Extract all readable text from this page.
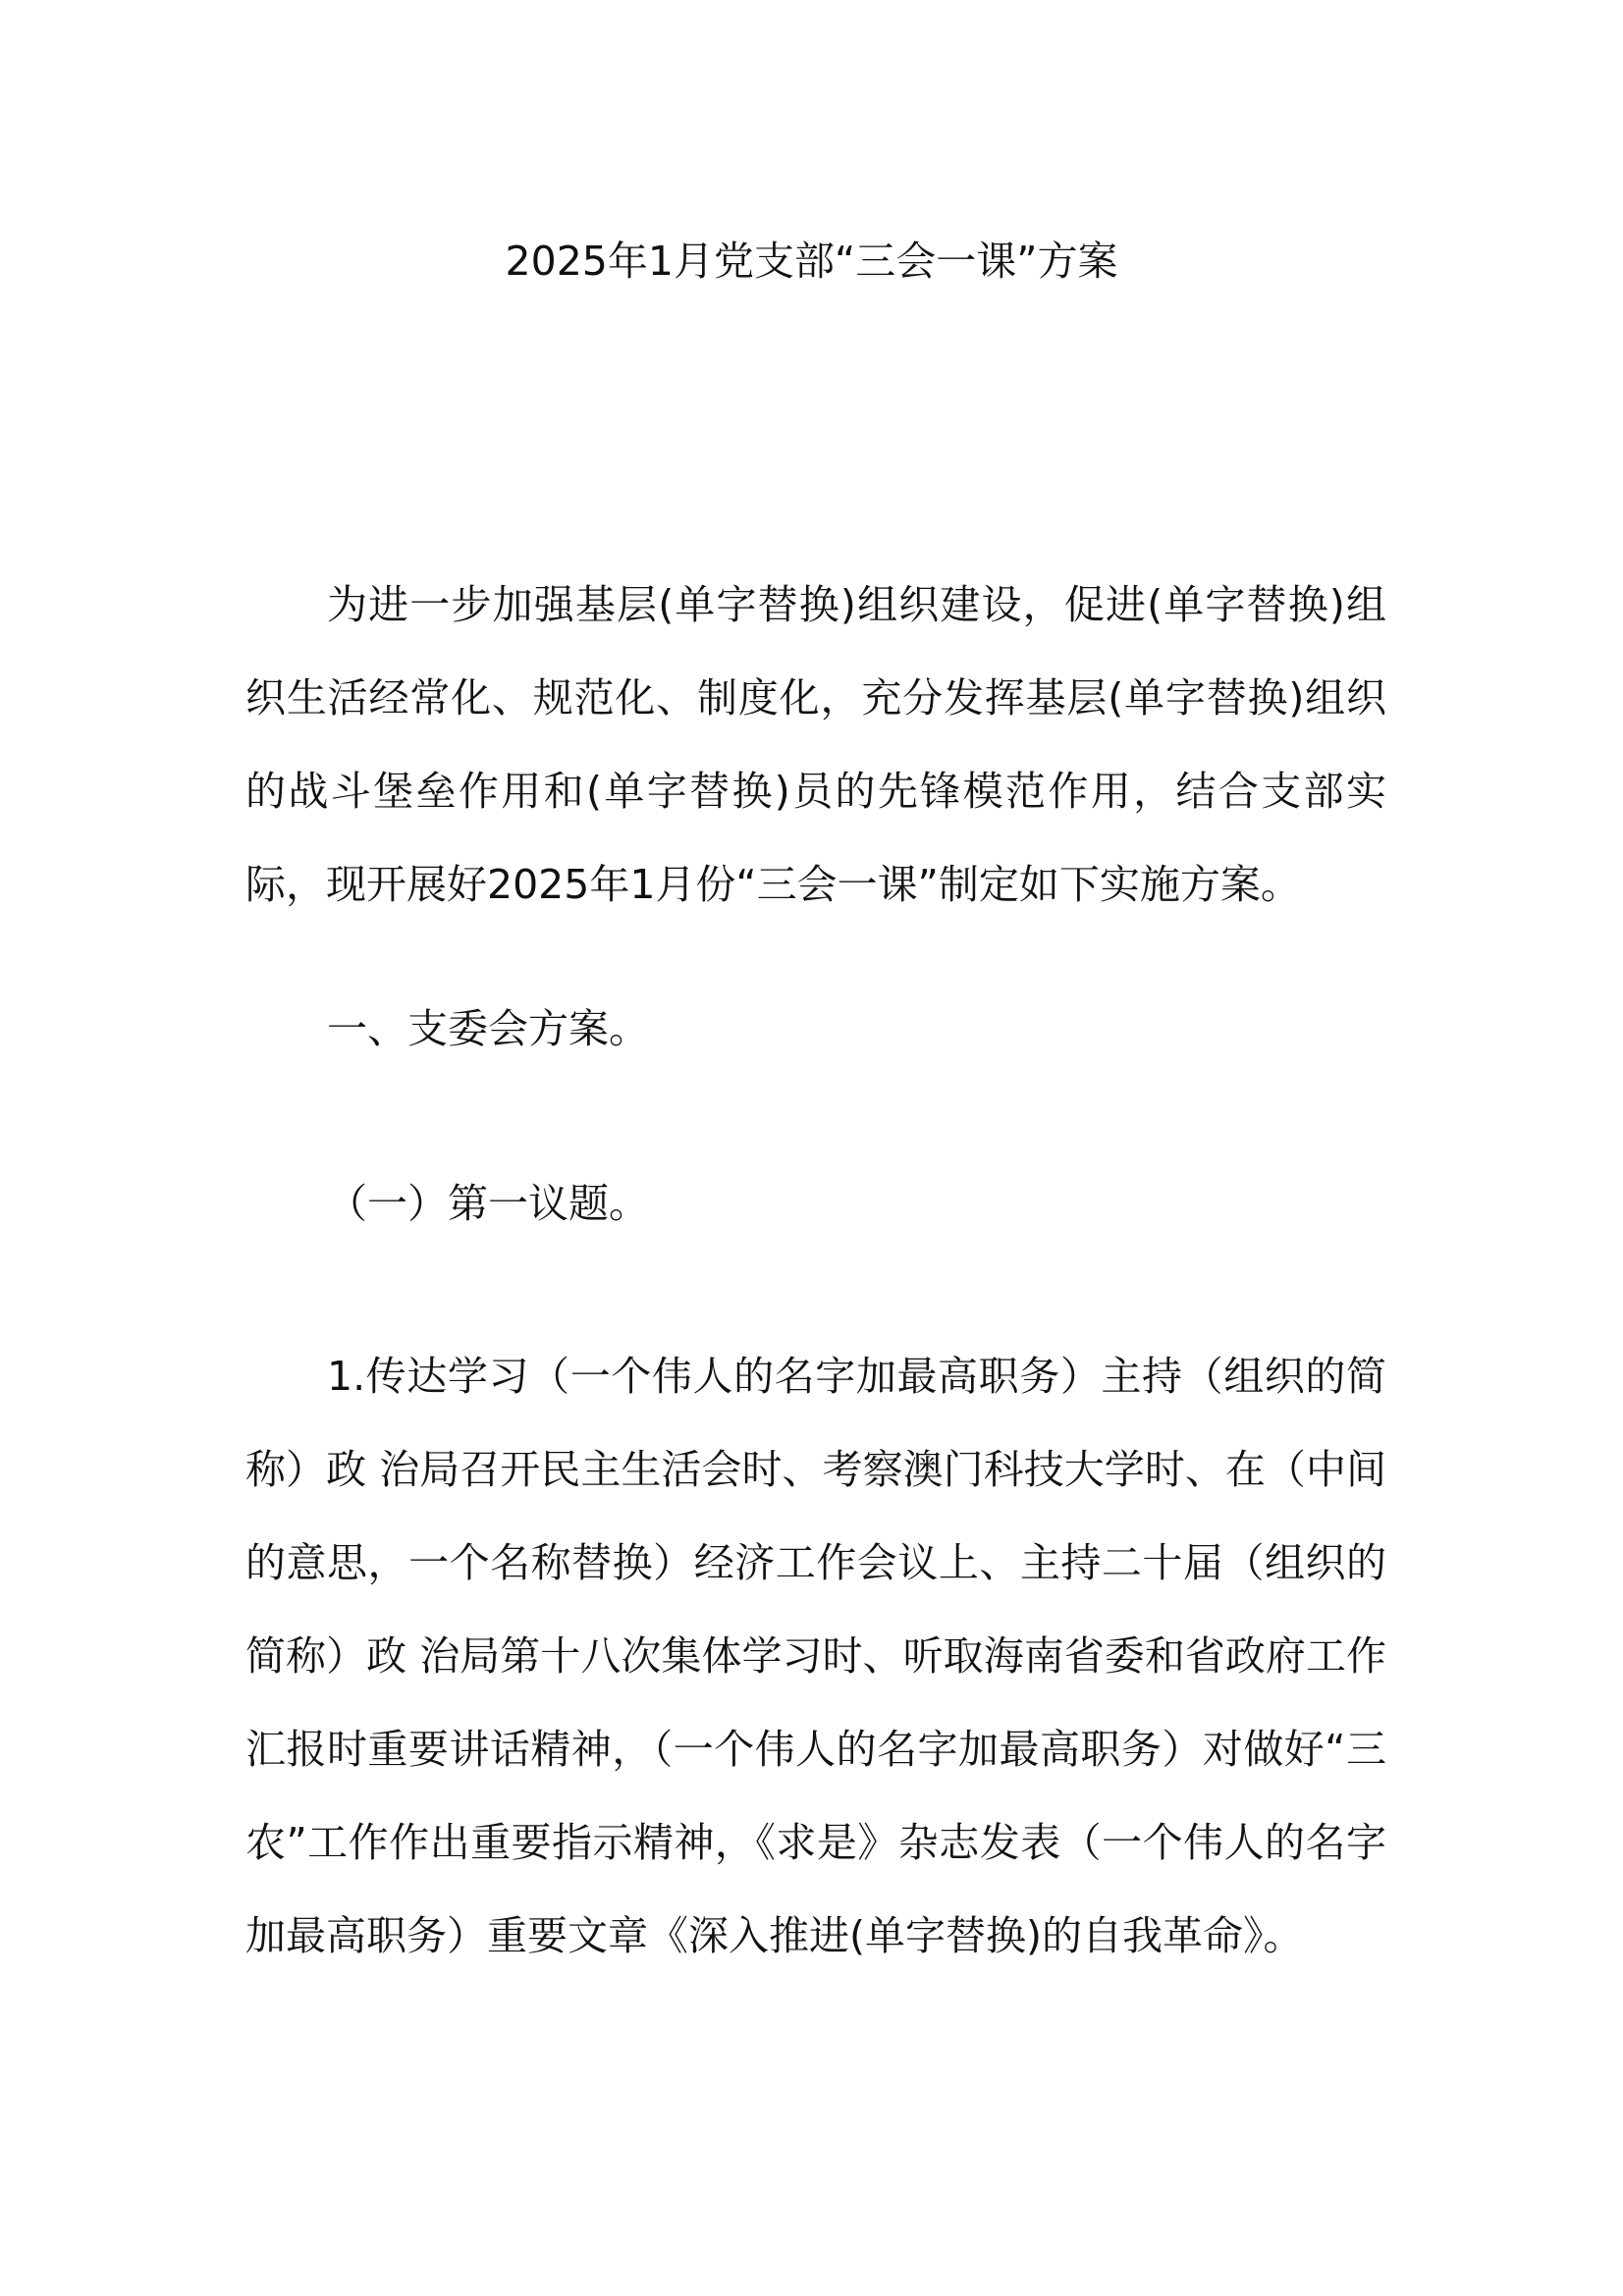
2025年1月党支部“三会一课”方案

为进一步加强基层(单字替换)组织建设，促进(单字替换)组织生活经常化、规范化、制度化，充分发挥基层(单字替换)组织的战斗堡垒作用和(单字替换)员的先锋模范作用，结合支部实际，现开展好2025年1月份“三会一课”制定如下实施方案。

一、支委会方案。
（一）第一议题。

1.传达学习（一个伟人的名字加最高职务）主持（组织的简称）政 治局召开民主生活会时、考察澳门科技大学时、在（中间的意思，一个名称替换）经济工作会议上、主持二十届（组织的简称）政 治局第十八次集体学习时、听取海南省委和省政府工作汇报时重要讲话精神，（一个伟人的名字加最高职务）对做好“三农”工作作出重要指示精神，《求是》杂志发表（一个伟人的名字加最高职务）重要文章《深入推进(单字替换)的自我革命》。
